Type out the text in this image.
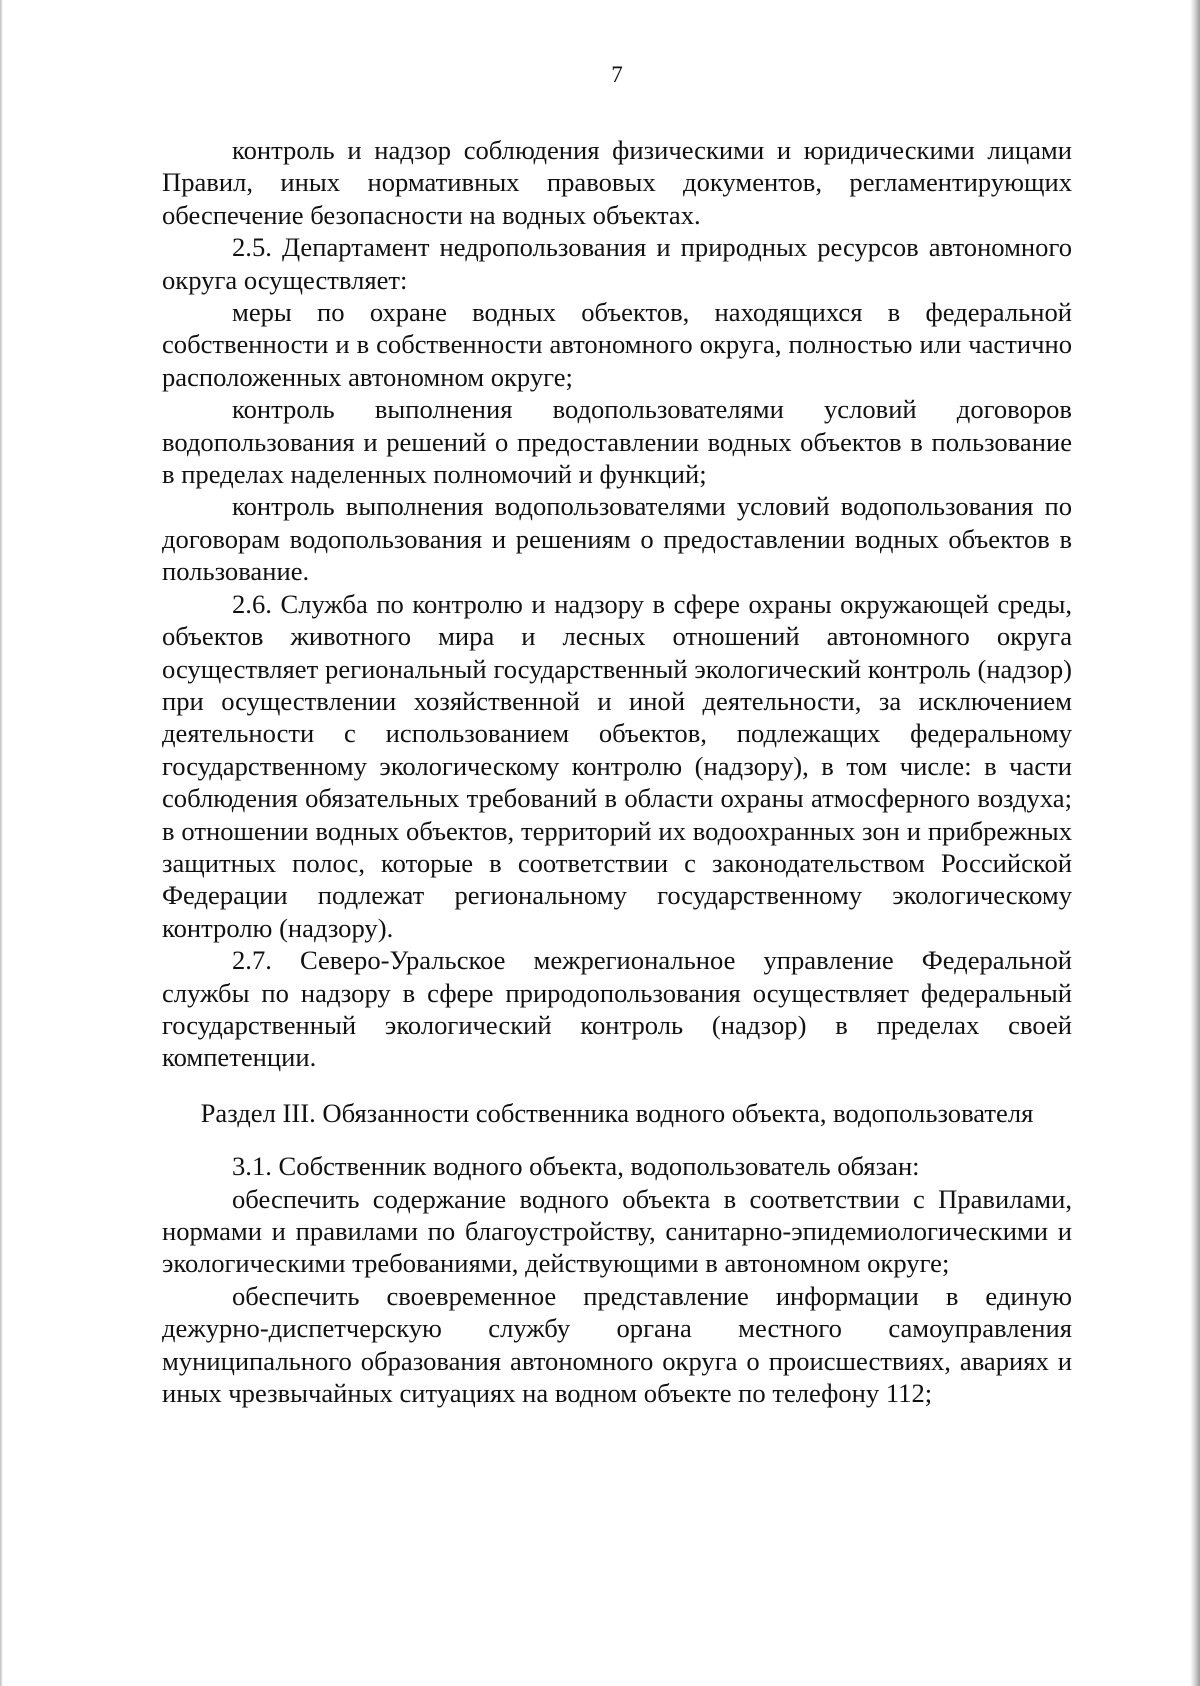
7

контроль и надзор соблюдения физическими и юридическими лицами Правил, иных нормативных правовых документов, регламентирующих обеспечение безопасности на водных объектах.

2.5. Департамент недропользования и природных ресурсов автономного округа осуществляет:

меры по охране водных объектов, находящихся в федеральной собственности и в собственности автономного округа, полностью или частично расположенных автономном округе;

контроль выполнения водопользователями условий договоров водопользования и решений о предоставлении водных объектов в пользование в пределах наделенных полномочий и функций;

контроль выполнения водопользователями условий водопользования по договорам водопользования и решениям о предоставлении водных объектов в пользование.

2.6. Служба по контролю и надзору в сфере охраны окружающей среды, объектов животного мира и лесных отношений автономного округа осуществляет региональный государственный экологический контроль (надзор) при осуществлении хозяйственной и иной деятельности, за исключением деятельности с использованием объектов, подлежащих федеральному государственному экологическому контролю (надзору), в том числе: в части соблюдения обязательных требований в области охраны атмосферного воздуха; в отношении водных объектов, территорий их водоохранных зон и прибрежных защитных полос, которые в соответствии с законодательством Российской Федерации подлежат региональному государственному экологическому контролю (надзору).

2.7. Северо-Уральское межрегиональное управление Федеральной службы по надзору в сфере природопользования осуществляет федеральный государственный экологический контроль (надзор) в пределах своей компетенции.

Раздел III. Обязанности собственника водного объекта, водопользователя

3.1. Собственник водного объекта, водопользователь обязан:

обеспечить содержание водного объекта в соответствии с Правилами, нормами и правилами по благоустройству, санитарно-эпидемиологическими и экологическими требованиями, действующими в автономном округе;

обеспечить своевременное представление информации в единую дежурно-диспетчерскую службу органа местного самоуправления муниципального образования автономного округа о происшествиях, авариях и иных чрезвычайных ситуациях на водном объекте по телефону 112;
